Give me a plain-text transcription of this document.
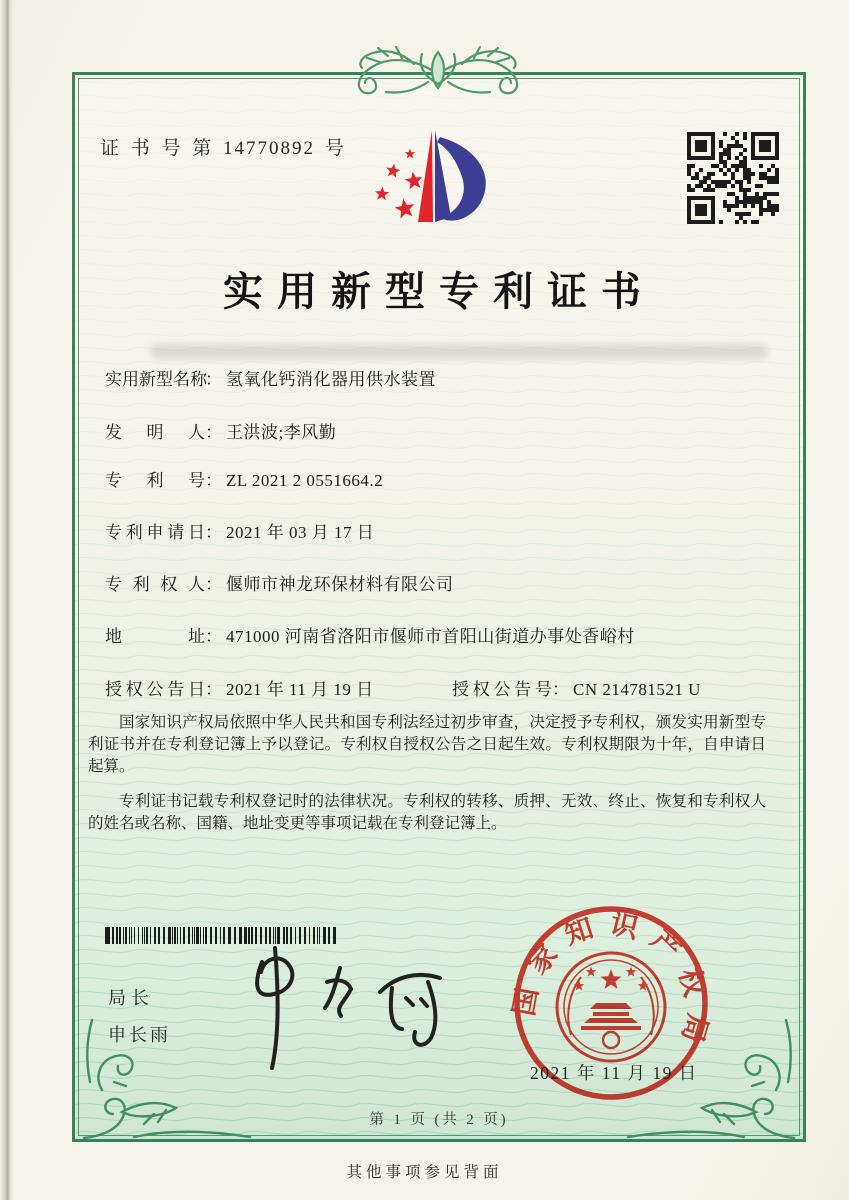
证 书 号 第 14770892 号
实用新型专利证书
实用新型名称： 氢氧化钙消化器用供水装置
发明人： 王洪波;李风勤
专利号： ZL 2021 2 0551664.2
专利申请日： 2021 年 03 月 17 日
专利权人： 偃师市神龙环保材料有限公司
地址： 471000 河南省洛阳市偃师市首阳山街道办事处香峪村
授权公告日： 2021 年 11 月 19 日	授权公告号： CN 214781521 U

国家知识产权局依照中华人民共和国专利法经过初步审查，决定授予专利权，颁发实用新型专利证书并在专利登记簿上予以登记。专利权自授权公告之日起生效。专利权期限为十年，自申请日起算。

专利证书记载专利权登记时的法律状况。专利权的转移、质押、无效、终止、恢复和专利权人的姓名或名称、国籍、地址变更等事项记载在专利登记簿上。

局长
申长雨
2021 年 11 月 19 日
国家知识产权局
第 1 页 (共 2 页)
其他事项参见背面
